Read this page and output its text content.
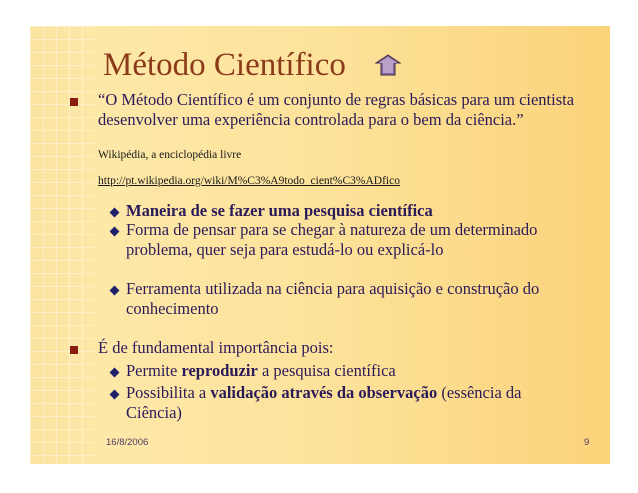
Método Científico
“O Método Científico é um conjunto de regras básicas para um cientista desenvolver uma experiência controlada para o bem da ciência.”
Wikipédia, a enciclopédia livre
http://pt.wikipedia.org/wiki/M%C3%A9todo_cient%C3%ADfico
Maneira de se fazer uma pesquisa científica
Forma de pensar para se chegar à natureza de um determinado problema, quer seja para estudá-lo ou explicá-lo
Ferramenta utilizada na ciência para aquisição e construção do conhecimento
É de fundamental importância pois:
Permite reproduzir a pesquisa científica
Possibilita a validação através da observação (essência da Ciência)
16/8/2006	9
